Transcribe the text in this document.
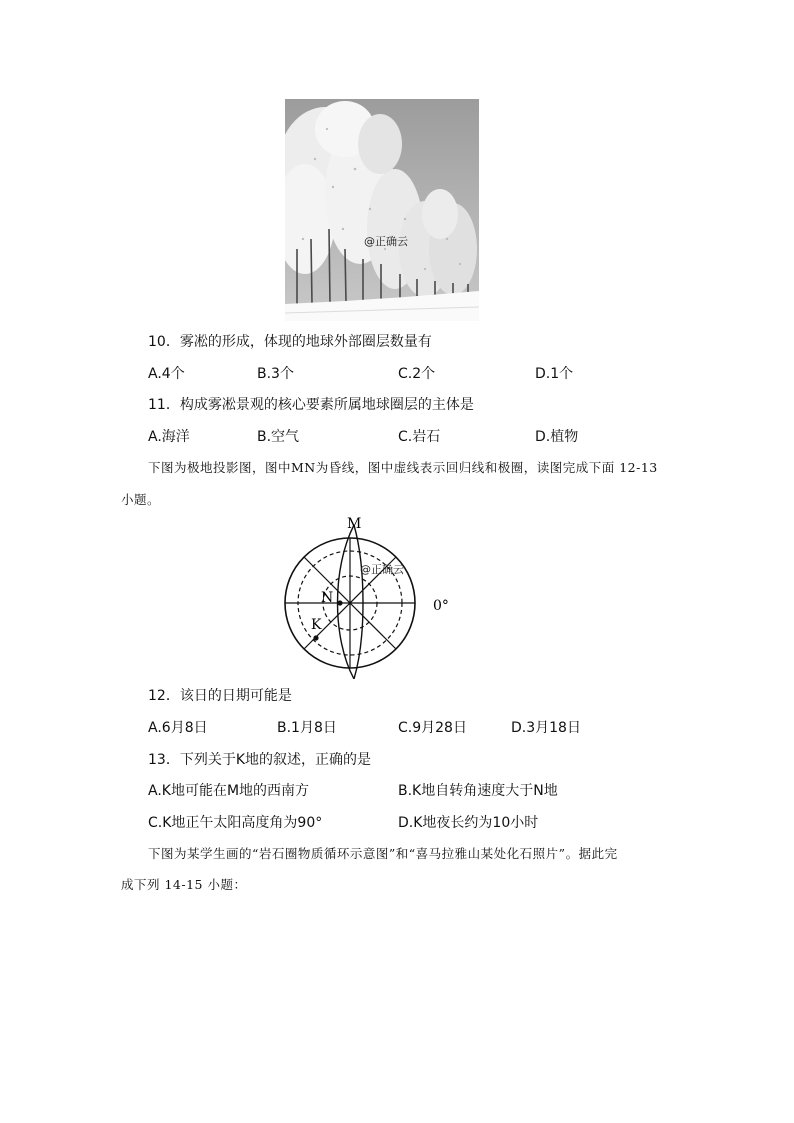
@正确云
10．雾凇的形成，体现的地球外部圈层数量有
A.4个	B.3个	C.2个	D.1个
11．构成雾凇景观的核心要素所属地球圈层的主体是
A.海洋	B.空气	C.岩石	D.植物
下图为极地投影图，图中MN为昏线，图中虚线表示回归线和极圈，读图完成下面 12-13
小题。
M
N
K
0°
@正确云
12．该日的日期可能是
A.6月8日	B.1月8日	C.9月28日	D.3月18日
13．下列关于K地的叙述，正确的是
A.K地可能在M地的西南方	B.K地自转角速度大于N地
C.K地正午太阳高度角为90°	D.K地夜长约为10小时
下图为某学生画的“岩石圈物质循环示意图”和“喜马拉雅山某处化石照片”。据此完
成下列 14-15 小题：
